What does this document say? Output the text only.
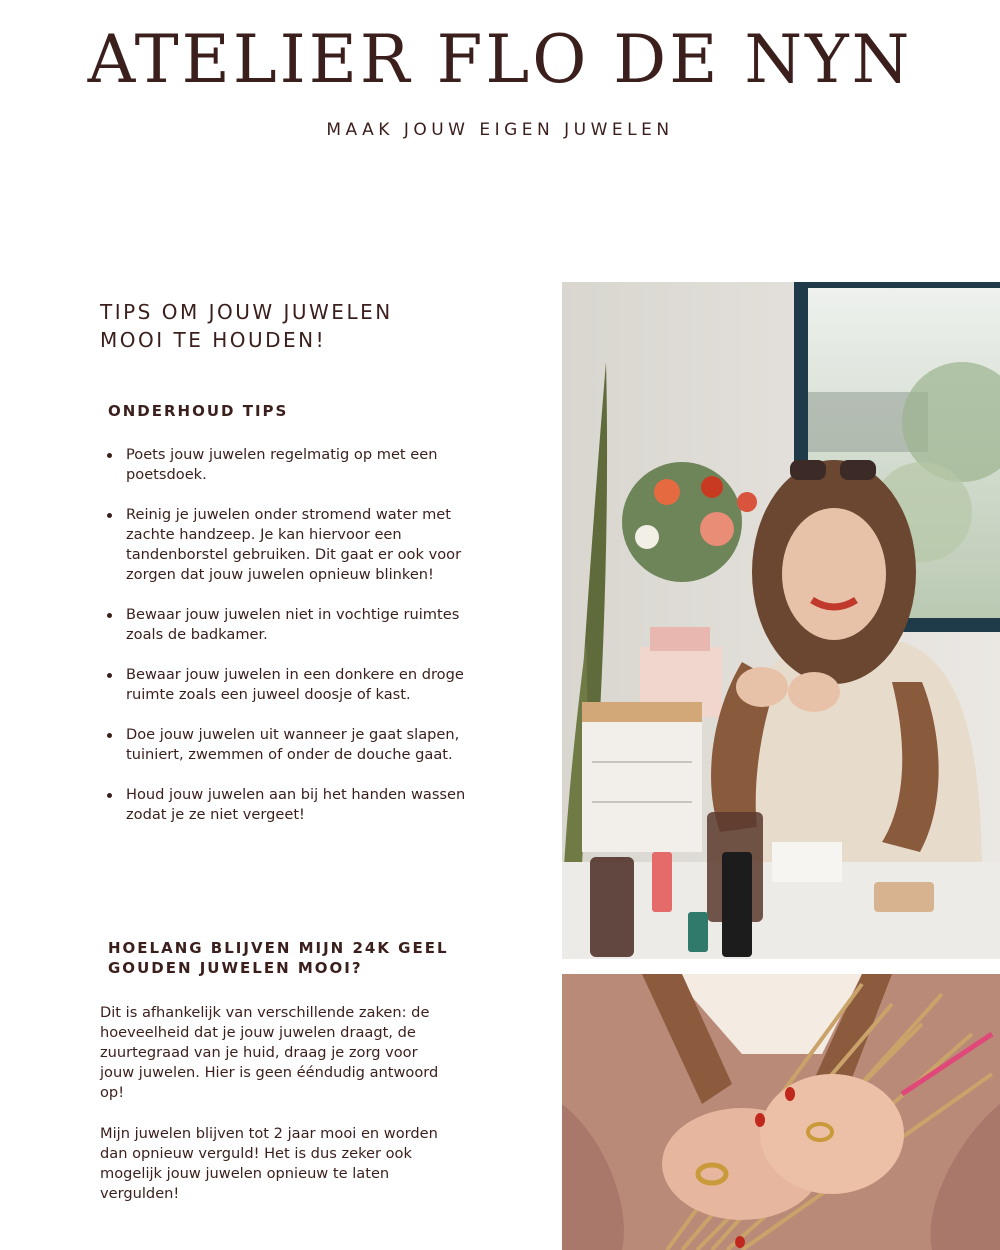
ATELIER FLO DE NYN
MAAK JOUW EIGEN JUWELEN
TIPS OM JOUW JUWELEN
MOOI TE HOUDEN!
ONDERHOUD TIPS
Poets jouw juwelen regelmatig op met een poetsdoek.
Reinig je juwelen onder stromend water met zachte handzeep. Je kan hiervoor een tandenborstel gebruiken. Dit gaat er ook voor zorgen dat jouw juwelen opnieuw blinken!
Bewaar jouw juwelen niet in vochtige ruimtes zoals de badkamer.
Bewaar jouw juwelen in een donkere en droge ruimte zoals een juweel doosje of kast.
Doe jouw juwelen uit wanneer je gaat slapen, tuiniert, zwemmen of onder de douche gaat.
Houd jouw juwelen aan bij het handen wassen zodat je ze niet vergeet!
HOELANG BLIJVEN MIJN 24K GEEL
GOUDEN JUWELEN MOOI?

Dit is afhankelijk van verschillende zaken: de hoeveelheid dat je jouw juwelen draagt, de zuurtegraad van je huid, draag je zorg voor jouw juwelen. Hier is geen ééndudig antwoord op!

Mijn juwelen blijven tot 2 jaar mooi en worden dan opnieuw verguld! Het is dus zeker ook mogelijk jouw juwelen opnieuw te laten vergulden!
